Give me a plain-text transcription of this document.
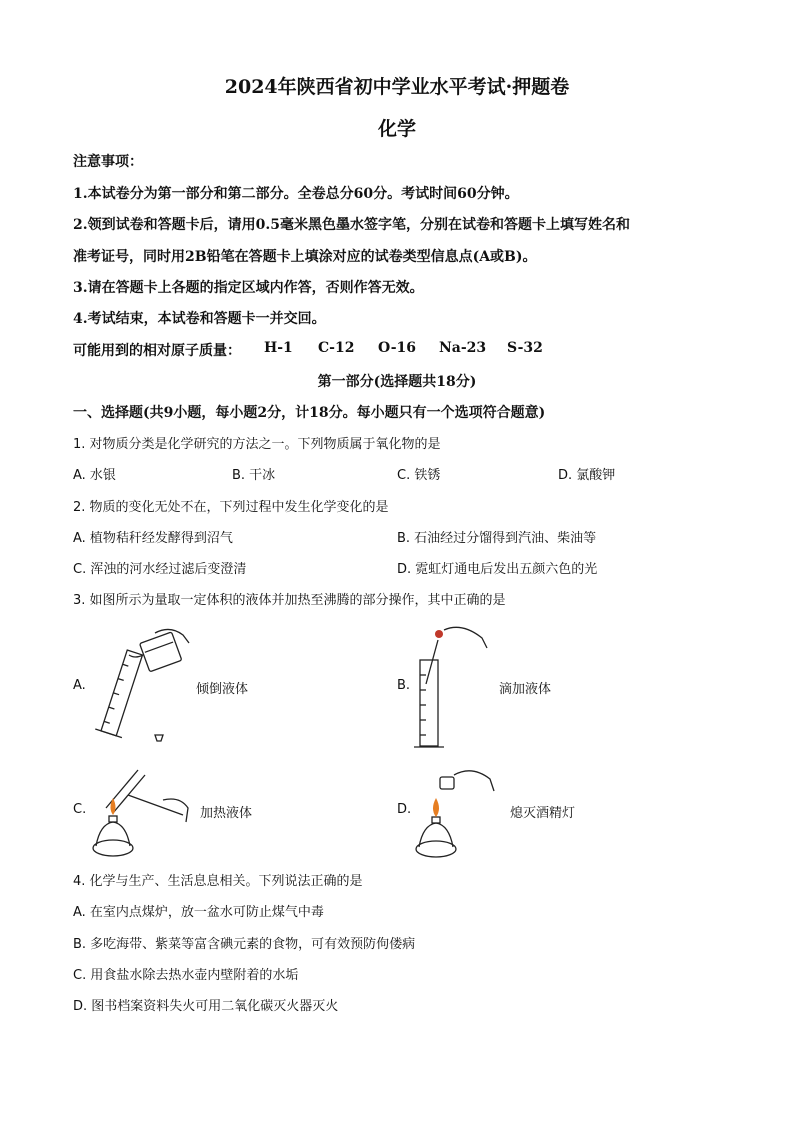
2024年陕西省初中学业水平考试·押题卷
化学
注意事项：
1.本试卷分为第一部分和第二部分。全卷总分60分。考试时间60分钟。
2.领到试卷和答题卡后，请用0.5毫米黑色墨水签字笔，分别在试卷和答题卡上填写姓名和
准考证号，同时用2B铅笔在答题卡上填涂对应的试卷类型信息点(A或B)。
3.请在答题卡上各题的指定区域内作答，否则作答无效。
4.考试结束，本试卷和答题卡一并交回。
可能用到的相对原子质量： H-1 C-12 O-16 Na-23 S-32
第一部分(选择题共18分)
一、选择题(共9小题，每小题2分，计18分。每小题只有一个选项符合题意)
1. 对物质分类是化学研究的方法之一。下列物质属于氧化物的是
A. 水银	B. 干冰	C. 铁锈	D. 氯酸钾
2. 物质的变化无处不在，下列过程中发生化学变化的是
A. 植物秸秆经发酵得到沼气	B. 石油经过分馏得到汽油、柴油等
C. 浑浊的河水经过滤后变澄清	D. 霓虹灯通电后发出五颜六色的光
3. 如图所示为量取一定体积的液体并加热至沸腾的部分操作，其中正确的是
A.	倾倒液体	B.	滴加液体
C.	加热液体	D.	熄灭酒精灯
4. 化学与生产、生活息息相关。下列说法正确的是
A. 在室内点煤炉，放一盆水可防止煤气中毒
B. 多吃海带、紫菜等富含碘元素的食物，可有效预防佝偻病
C. 用食盐水除去热水壶内壁附着的水垢
D. 图书档案资料失火可用二氧化碳灭火器灭火
